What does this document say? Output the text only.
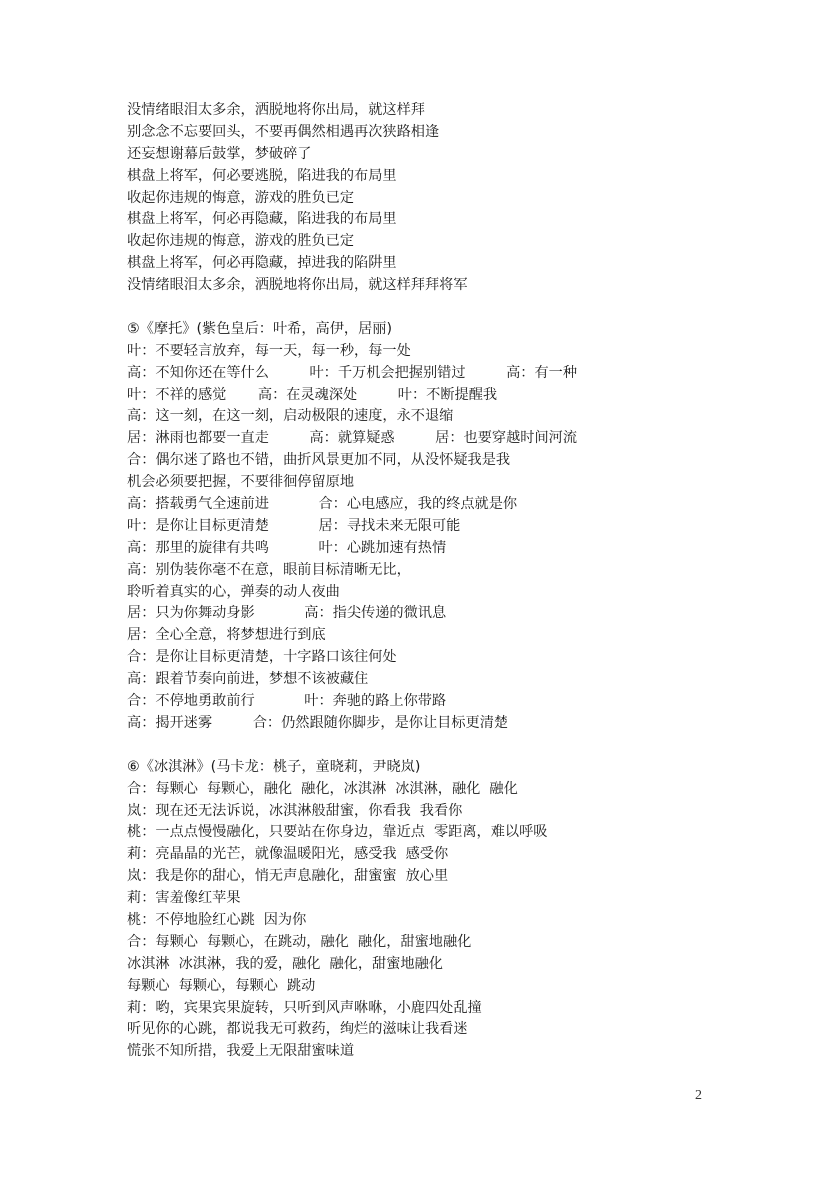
没情绪眼泪太多余，洒脱地将你出局，就这样拜
别念念不忘要回头，不要再偶然相遇再次狭路相逢
还妄想谢幕后鼓掌，梦破碎了
棋盘上将军，何必要逃脱，陷进我的布局里
收起你违规的悔意，游戏的胜负已定
棋盘上将军，何必再隐藏，陷进我的布局里
收起你违规的悔意，游戏的胜负已定
棋盘上将军，何必再隐藏，掉进我的陷阱里
没情绪眼泪太多余，洒脱地将你出局，就这样拜拜将军
⑤《摩托》(紫色皇后：叶希，高伊，居丽)
叶：不要轻言放弃，每一天，每一秒，每一处
高：不知你还在等什么         叶：千万机会把握别错过         高：有一种
叶：不祥的感觉       高：在灵魂深处         叶：不断提醒我
高：这一刻，在这一刻，启动极限的速度，永不退缩
居：淋雨也都要一直走         高：就算疑惑         居：也要穿越时间河流
合：偶尔迷了路也不错，曲折风景更加不同，从没怀疑我是我
机会必须要把握，不要徘徊停留原地
高：搭载勇气全速前进           合：心电感应，我的终点就是你
叶：是你让目标更清楚           居：寻找未来无限可能
高：那里的旋律有共鸣           叶：心跳加速有热情
高：别伪装你毫不在意，眼前目标清晰无比，
聆听着真实的心，弹奏的动人夜曲
居：只为你舞动身影           高：指尖传递的微讯息
居：全心全意，将梦想进行到底
合：是你让目标更清楚，十字路口该往何处
高：跟着节奏向前进，梦想不该被藏住
合：不停地勇敢前行           叶：奔驰的路上你带路
高：揭开迷雾         合：仍然跟随你脚步，是你让目标更清楚
⑥《冰淇淋》(马卡龙：桃子，童晓莉，尹晓岚)
合：每颗心  每颗心，融化  融化，冰淇淋  冰淇淋，融化  融化
岚：现在还无法诉说，冰淇淋般甜蜜，你看我  我看你
桃：一点点慢慢融化，只要站在你身边，靠近点  零距离，难以呼吸
莉：亮晶晶的光芒，就像温暖阳光，感受我  感受你
岚：我是你的甜心，悄无声息融化，甜蜜蜜  放心里
莉：害羞像红苹果
桃：不停地脸红心跳  因为你
合：每颗心  每颗心，在跳动，融化  融化，甜蜜地融化
冰淇淋  冰淇淋，我的爱，融化  融化，甜蜜地融化
每颗心  每颗心，每颗心  跳动
莉：哟，宾果宾果旋转，只听到风声咻咻，小鹿四处乱撞
听见你的心跳，都说我无可救药，绚烂的滋味让我看迷
慌张不知所措，我爱上无限甜蜜味道
2
